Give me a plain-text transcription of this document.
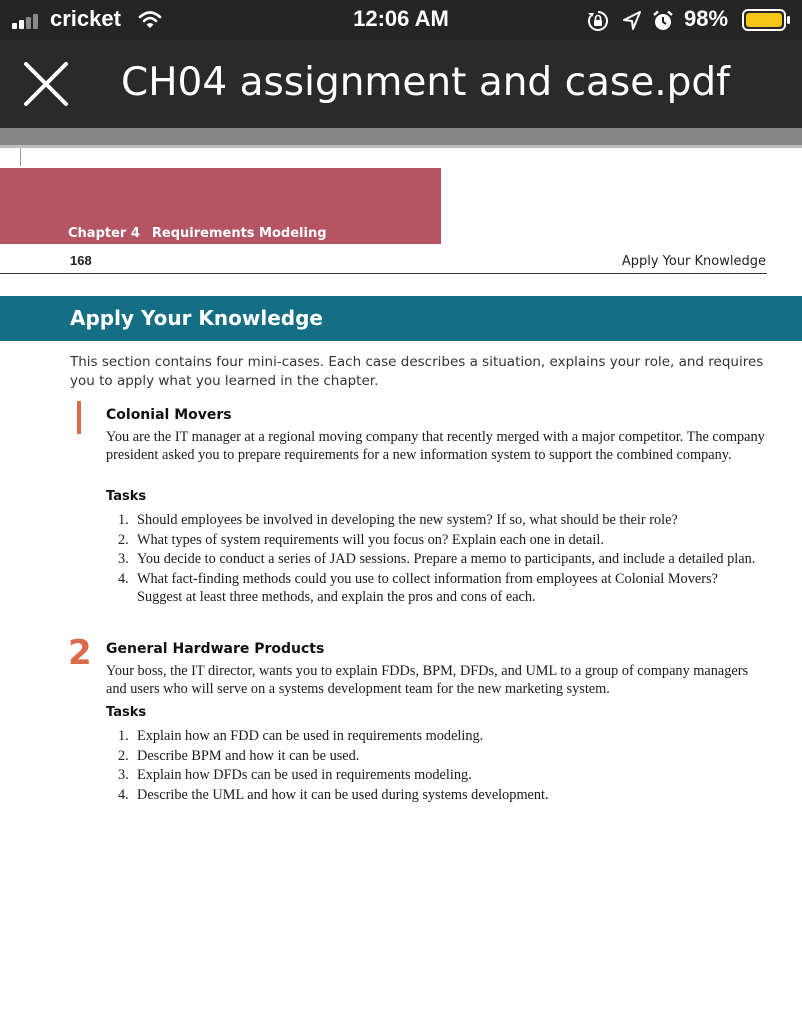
cricket	12:06 AM	98%
CH04 assignment and case.pdf
Chapter 4 Requirements Modeling
168	Apply Your Knowledge
Apply Your Knowledge
This section contains four mini-cases. Each case describes a situation, explains your role, and requires you to apply what you learned in the chapter.
Colonial Movers
You are the IT manager at a regional moving company that recently merged with a major competitor. The company president asked you to prepare requirements for a new information system to support the combined company.
Tasks
1. Should employees be involved in developing the new system? If so, what should be their role?
2. What types of system requirements will you focus on? Explain each one in detail.
3. You decide to conduct a series of JAD sessions. Prepare a memo to participants, and include a detailed plan.
4. What fact-finding methods could you use to collect information from employees at Colonial Movers? Suggest at least three methods, and explain the pros and cons of each.
2 General Hardware Products
Your boss, the IT director, wants you to explain FDDs, BPM, DFDs, and UML to a group of company managers and users who will serve on a systems development team for the new marketing system.
Tasks
1. Explain how an FDD can be used in requirements modeling.
2. Describe BPM and how it can be used.
3. Explain how DFDs can be used in requirements modeling.
4. Describe the UML and how it can be used during systems development.
